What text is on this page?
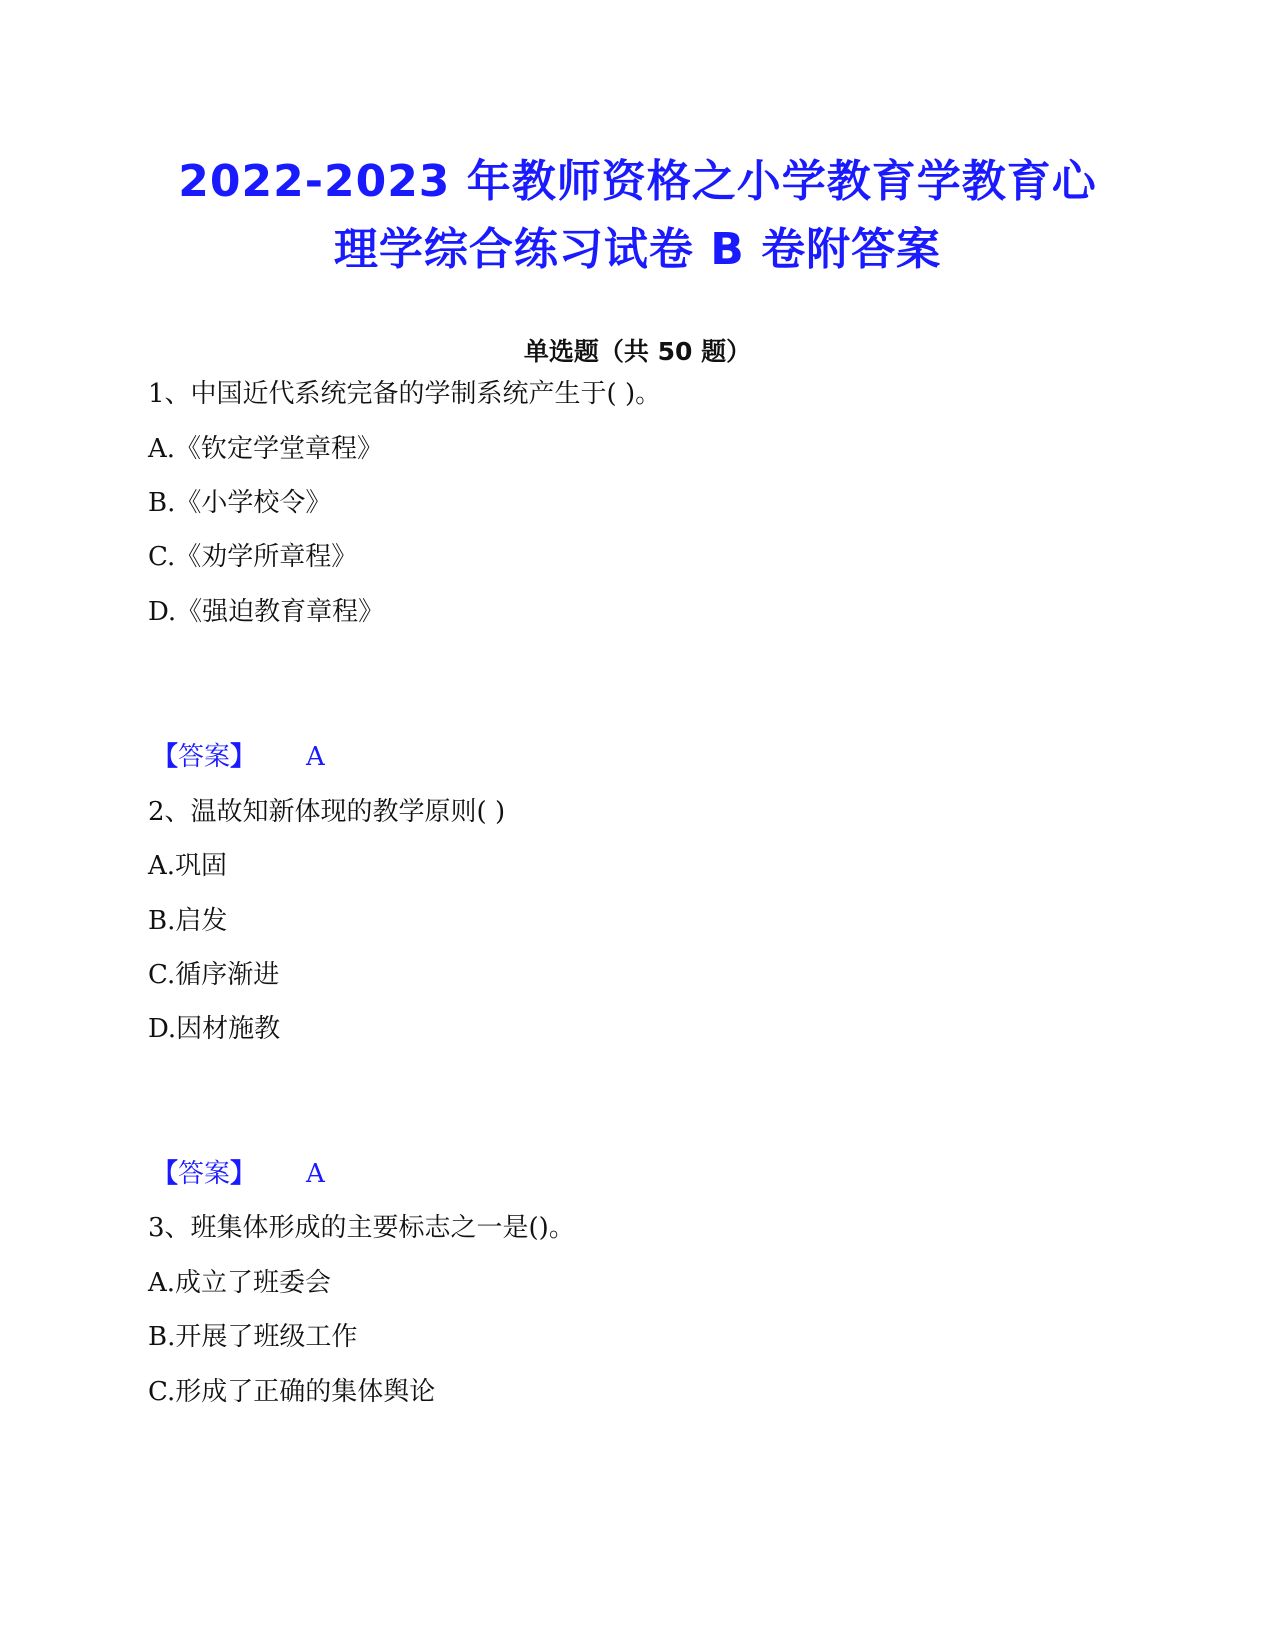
2022-2023 年教师资格之小学教育学教育心
理学综合练习试卷 B 卷附答案
单选题（共 50 题）
1、中国近代系统完备的学制系统产生于( )。
A.《钦定学堂章程》
B.《小学校令》
C.《劝学所章程》
D.《强迫教育章程》
【答案】 A
2、温故知新体现的教学原则( )
A.巩固
B.启发
C.循序渐进
D.因材施教
【答案】 A
3、班集体形成的主要标志之一是()。
A.成立了班委会
B.开展了班级工作
C.形成了正确的集体舆论
